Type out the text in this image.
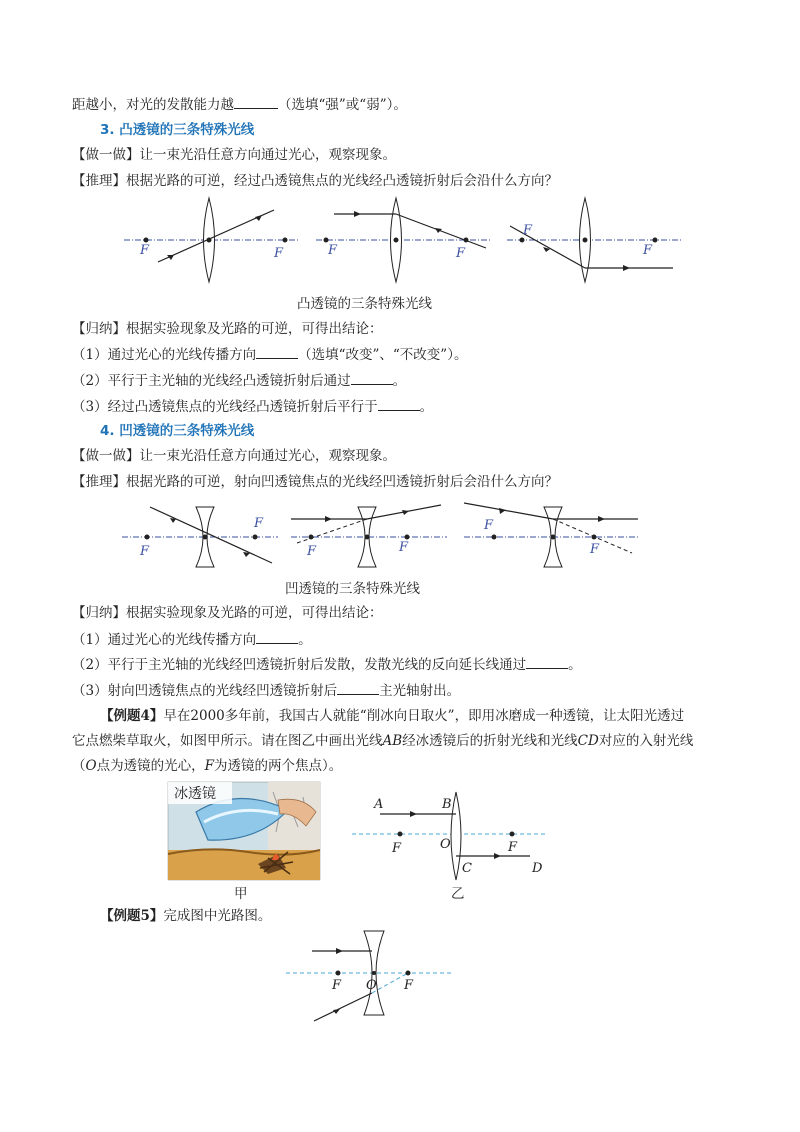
距越小，对光的发散能力越	（选填“强”或“弱”）。
3. 凸透镜的三条特殊光线
【做一做】让一束光沿任意方向通过光心，观察现象。
【推理】根据光路的可逆，经过凸透镜焦点的光线经凸透镜折射后会沿什么方向？
F	F	F	F
F
F
凸透镜的三条特殊光线
【归纳】根据实验现象及光路的可逆，可得出结论：
（1）通过光心的光线传播方向	（选填“改变”、“不改变”）。
（2）平行于主光轴的光线经凸透镜折射后通过	。
（3）经过凸透镜焦点的光线经凸透镜折射后平行于	。
4. 凹透镜的三条特殊光线
【做一做】让一束光沿任意方向通过光心，观察现象。
【推理】根据光路的可逆，射向凹透镜焦点的光线经凹透镜折射后会沿什么方向？
F
F
F	F
F
F
凹透镜的三条特殊光线
【归纳】根据实验现象及光路的可逆，可得出结论：
（1）通过光心的光线传播方向	。
（2）平行于主光轴的光线经凹透镜折射后发散，发散光线的反向延长线通过	。
（3）射向凹透镜焦点的光线经凹透镜折射后	主光轴射出。
【例题4】早在2000多年前，我国古人就能“削冰向日取火”，即用冰磨成一种透镜，让太阳光透过
它点燃柴草取火，如图甲所示。请在图乙中画出光线AB经冰透镜后的折射光线和光线CD对应的入射光线
（O点为透镜的光心，F为透镜的两个焦点）。
冰透镜
甲
A	B
F	O	F
C	D
乙
【例题5】完成图中光路图。
F O F
